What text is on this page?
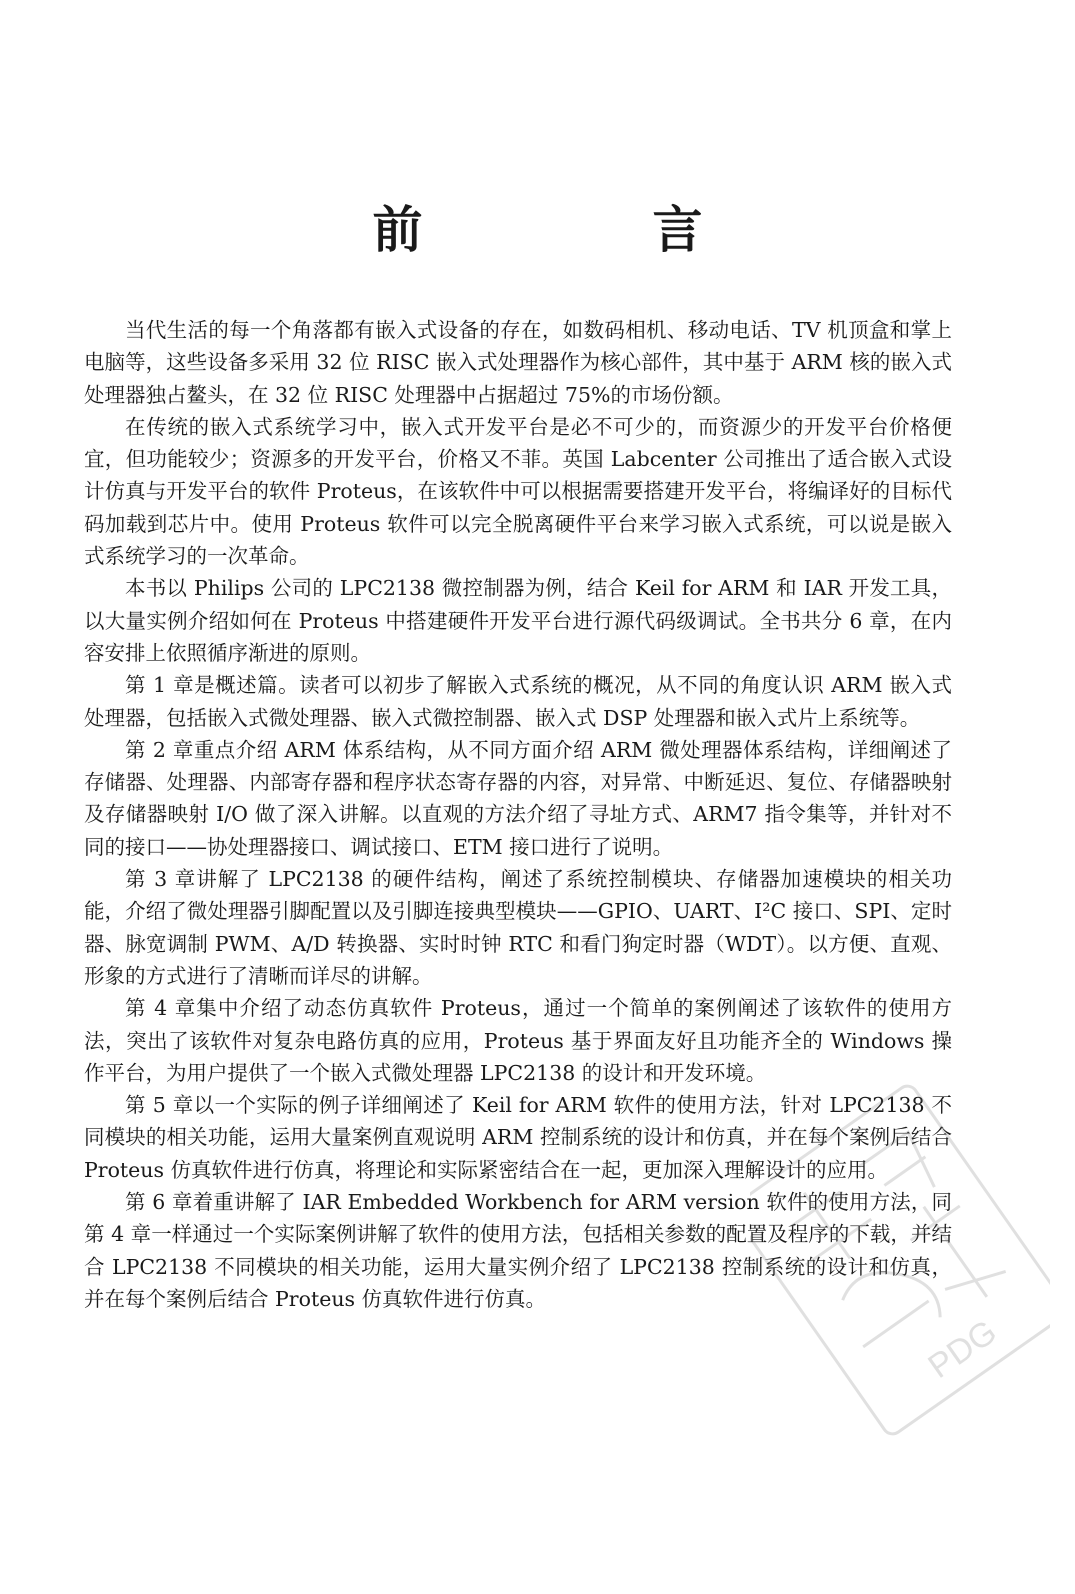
前　言

当代生活的每一个角落都有嵌入式设备的存在，如数码相机、移动电话、TV 机顶盒和掌上电脑等，这些设备多采用 32 位 RISC 嵌入式处理器作为核心部件，其中基于 ARM 核的嵌入式处理器独占鳌头，在 32 位 RISC 处理器中占据超过 75%的市场份额。

在传统的嵌入式系统学习中，嵌入式开发平台是必不可少的，而资源少的开发平台价格便宜，但功能较少；资源多的开发平台，价格又不菲。英国 Labcenter 公司推出了适合嵌入式设计仿真与开发平台的软件 Proteus，在该软件中可以根据需要搭建开发平台，将编译好的目标代码加载到芯片中。使用 Proteus 软件可以完全脱离硬件平台来学习嵌入式系统，可以说是嵌入式系统学习的一次革命。

本书以 Philips 公司的 LPC2138 微控制器为例，结合 Keil for ARM 和 IAR 开发工具，以大量实例介绍如何在 Proteus 中搭建硬件开发平台进行源代码级调试。全书共分 6 章，在内容安排上依照循序渐进的原则。

第 1 章是概述篇。读者可以初步了解嵌入式系统的概况，从不同的角度认识 ARM 嵌入式处理器，包括嵌入式微处理器、嵌入式微控制器、嵌入式 DSP 处理器和嵌入式片上系统等。

第 2 章重点介绍 ARM 体系结构，从不同方面介绍 ARM 微处理器体系结构，详细阐述了存储器、处理器、内部寄存器和程序状态寄存器的内容，对异常、中断延迟、复位、存储器映射及存储器映射 I/O 做了深入讲解。以直观的方法介绍了寻址方式、ARM7 指令集等，并针对不同的接口——协处理器接口、调试接口、ETM 接口进行了说明。

第 3 章讲解了 LPC2138 的硬件结构，阐述了系统控制模块、存储器加速模块的相关功能，介绍了微处理器引脚配置以及引脚连接典型模块——GPIO、UART、I²C 接口、SPI、定时器、脉宽调制 PWM、A/D 转换器、实时时钟 RTC 和看门狗定时器（WDT）。以方便、直观、形象的方式进行了清晰而详尽的讲解。

第 4 章集中介绍了动态仿真软件 Proteus，通过一个简单的案例阐述了该软件的使用方法，突出了该软件对复杂电路仿真的应用，Proteus 基于界面友好且功能齐全的 Windows 操作平台，为用户提供了一个嵌入式微处理器 LPC2138 的设计和开发环境。

第 5 章以一个实际的例子详细阐述了 Keil for ARM 软件的使用方法，针对 LPC2138 不同模块的相关功能，运用大量案例直观说明 ARM 控制系统的设计和仿真，并在每个案例后结合 Proteus 仿真软件进行仿真，将理论和实际紧密结合在一起，更加深入理解设计的应用。

第 6 章着重讲解了 IAR Embedded Workbench for ARM version 软件的使用方法，同第 4 章一样通过一个实际案例讲解了软件的使用方法，包括相关参数的配置及程序的下载，并结合 LPC2138 不同模块的相关功能，运用大量实例介绍了 LPC2138 控制系统的设计和仿真，并在每个案例后结合 Proteus 仿真软件进行仿真。

PDG
